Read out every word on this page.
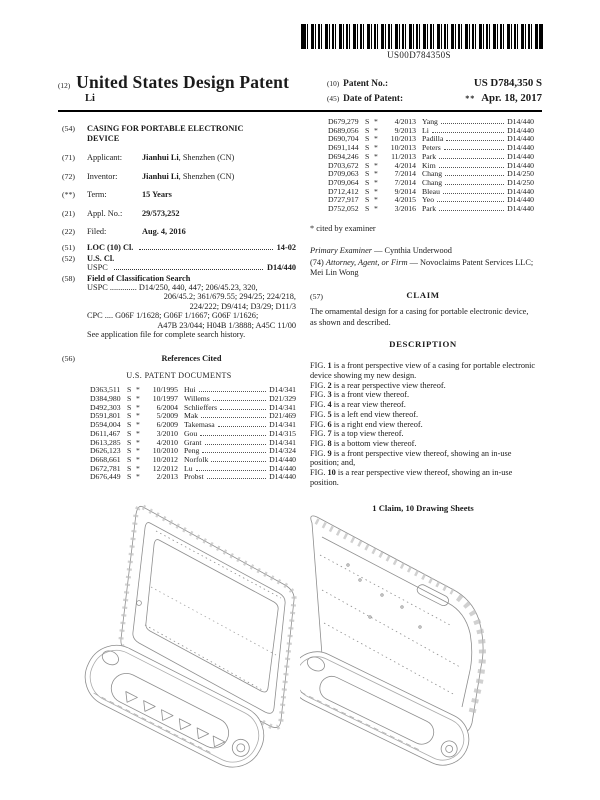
US00D784350S
(12) United States Design Patent
Li
(10) Patent No.:	US D784,350 S
(45) Date of Patent:	** Apr. 18, 2017
(54)	CASING FOR PORTABLE ELECTRONIC DEVICE
(71)	Applicant: Jianhui Li, Shenzhen (CN)
(72)	Inventor:	Jianhui Li, Shenzhen (CN)
(**)	Term:	15 Years
(21)	Appl. No.: 29/573,252
(22)	Filed:	Aug. 4, 2016
(51)	LOC (10) Cl.	14-02
(52)	U.S. Cl.
USPC	D14/440
(58)	Field of Classification Search
USPC ............. D14/250, 440, 447; 206/45.23, 320,
206/45.2; 361/679.55; 294/25; 224/218,
224/222; D9/414; D3/29; D11/3
CPC .... G06F 1/1628; G06F 1/1667; G06F 1/1626;
A47B 23/044; H04B 1/3888; A45C 11/00
See application file for complete search history.
(56)	References Cited
U.S. PATENT DOCUMENTS
D363,511 S *	10/1995 Hui	D14/341
D384,980 S *	10/1997 Willems	D21/329
D492,303 S *	6/2004 Schlieffers	D14/341
D591,801 S *	5/2009 Mak	D21/469
D594,004 S *	6/2009 Takemasa	D14/341
D611,467 S *	3/2010 Gou	D14/315
D613,285 S *	4/2010 Grant	D14/341
D626,123 S *	10/2010 Peng	D14/324
D668,661 S *	10/2012 Norfolk	D14/440
D672,781 S *	12/2012 Lu	D14/440
D676,449 S *	2/2013 Probst	D14/440
D679,279 S *	4/2013 Yang	D14/440
D689,056 S *	9/2013 Li	D14/440
D690,704 S *	10/2013 Padilla	D14/440
D691,144 S *	10/2013 Peters	D14/440
D694,246 S *	11/2013 Park	D14/440
D703,672 S *	4/2014 Kim	D14/440
D709,063 S *	7/2014 Chang	D14/250
D709,064 S *	7/2014 Chang	D14/250
D712,412 S *	9/2014 Bleau	D14/440
D727,917 S *	4/2015 Yeo	D14/440
D752,052 S *	3/2016 Park	D14/440
* cited by examiner

Primary Examiner — Cynthia Underwood

(74) Attorney, Agent, or Firm — Novoclaims Patent Services LLC; Mei Lin Wong

(57)	CLAIM

The ornamental design for a casing for portable electronic device, as shown and described.

DESCRIPTION

FIG. 1 is a front perspective view of a casing for portable electronic device showing my new design.

FIG. 2 is a rear perspective view thereof.

FIG. 3 is a front view thereof.

FIG. 4 is a rear view thereof.

FIG. 5 is a left end view thereof.

FIG. 6 is a right end view thereof.

FIG. 7 is a top view thereof.

FIG. 8 is a bottom view thereof.

FIG. 9 is a front perspective view thereof, showing an in-use position; and,

FIG. 10 is a rear perspective view thereof, showing an in-use position.

1 Claim, 10 Drawing Sheets
